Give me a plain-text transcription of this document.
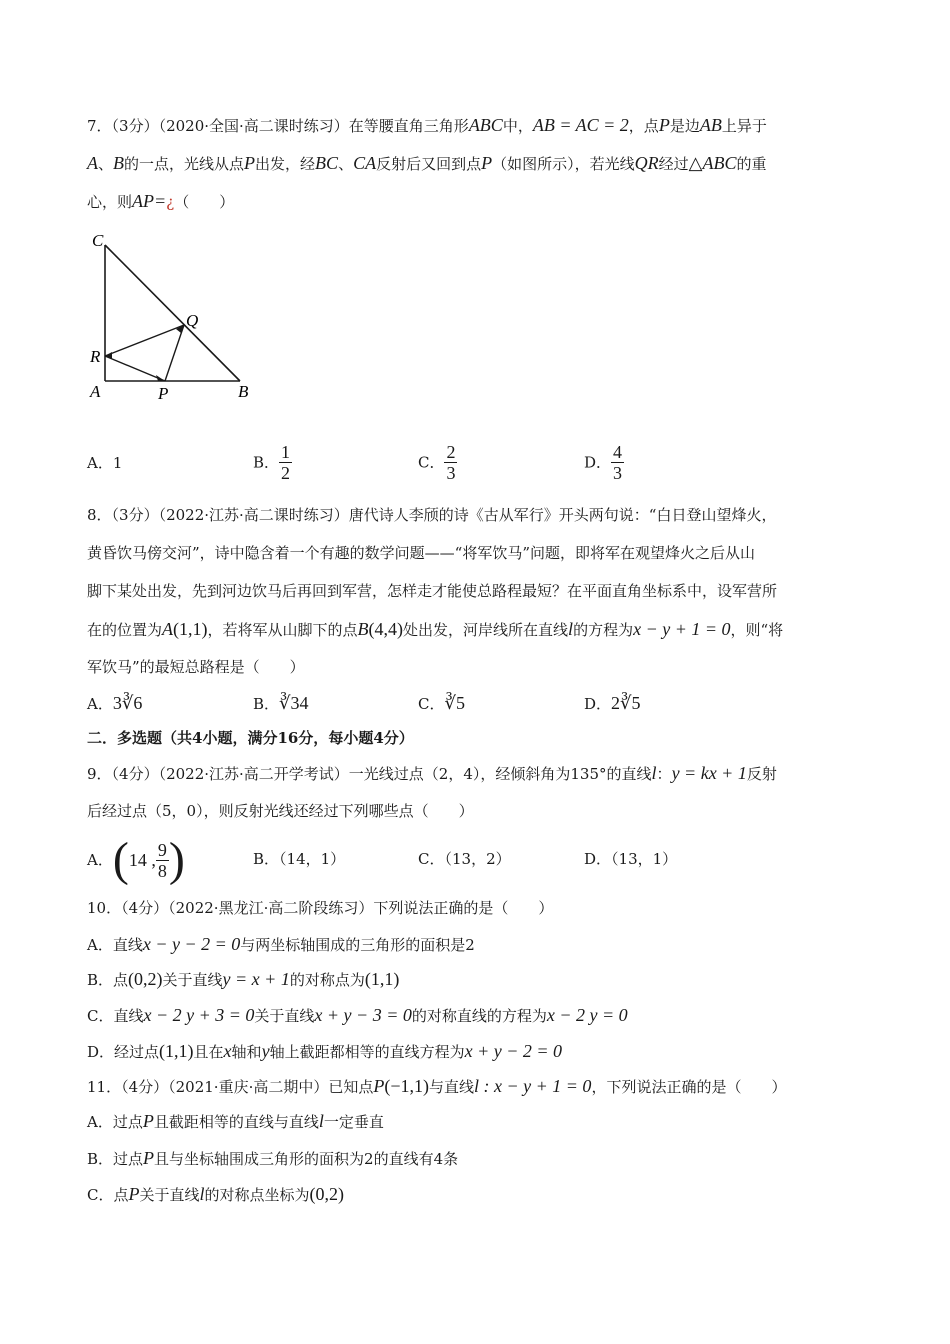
7．（3分）（2020·全国·高二课时练习）在等腰直角三角形ABC中，AB = AC = 2，点P是边AB上异于
A、B的一点，光线从点P出发，经BC、CA反射后又回到点P（如图所示），若光线QR经过△ABC的重
心，则AP=¿（　　）
C
Q
R
A	P	B
A．1	B． $\frac{1}{2}$	C． $\frac{2}{3}$	D． $\frac{4}{3}$
8．（3分）（2022·江苏·高二课时练习）唐代诗人李颀的诗《古从军行》开头两句说：“白日登山望烽火，
黄昏饮马傍交河”，诗中隐含着一个有趣的数学问题——“将军饮马”问题，即将军在观望烽火之后从山
脚下某处出发，先到河边饮马后再回到军营，怎样走才能使总路程最短？在平面直角坐标系中，设军营所
在的位置为A(1,1)，若将军从山脚下的点B(4,4)处出发，河岸线所在直线l的方程为x − y + 1 = 0，则“将
军饮马”的最短总路程是（　　）
A．3∛6	B．∛34	C．∛5	D．2∛5
二．多选题（共4小题，满分16分，每小题4分）
9．（4分）（2022·江苏·高二开学考试）一光线过点（2，4），经倾斜角为135°的直线l：y = kx + 1反射
后经过点（5，0），则反射光线还经过下列哪些点（　　）
A．(14 , $\frac{9}{8}$ )	B．（14，1）	C．（13，2）	D．（13，1）
10．（4分）（2022·黑龙江·高二阶段练习）下列说法正确的是（　　）
A．直线x − y − 2 = 0与两坐标轴围成的三角形的面积是2
B．点(0,2)关于直线y = x + 1的对称点为(1,1)
C．直线x − 2 y + 3 = 0关于直线x + y − 3 = 0的对称直线的方程为x − 2 y = 0
D．经过点(1,1)且在x轴和y轴上截距都相等的直线方程为x + y − 2 = 0
11．（4分）（2021·重庆·高二期中）已知点P(−1,1)与直线l : x − y + 1 = 0，下列说法正确的是（　　）
A．过点P且截距相等的直线与直线l一定垂直
B．过点P且与坐标轴围成三角形的面积为2的直线有4条
C．点P关于直线l的对称点坐标为(0,2)
